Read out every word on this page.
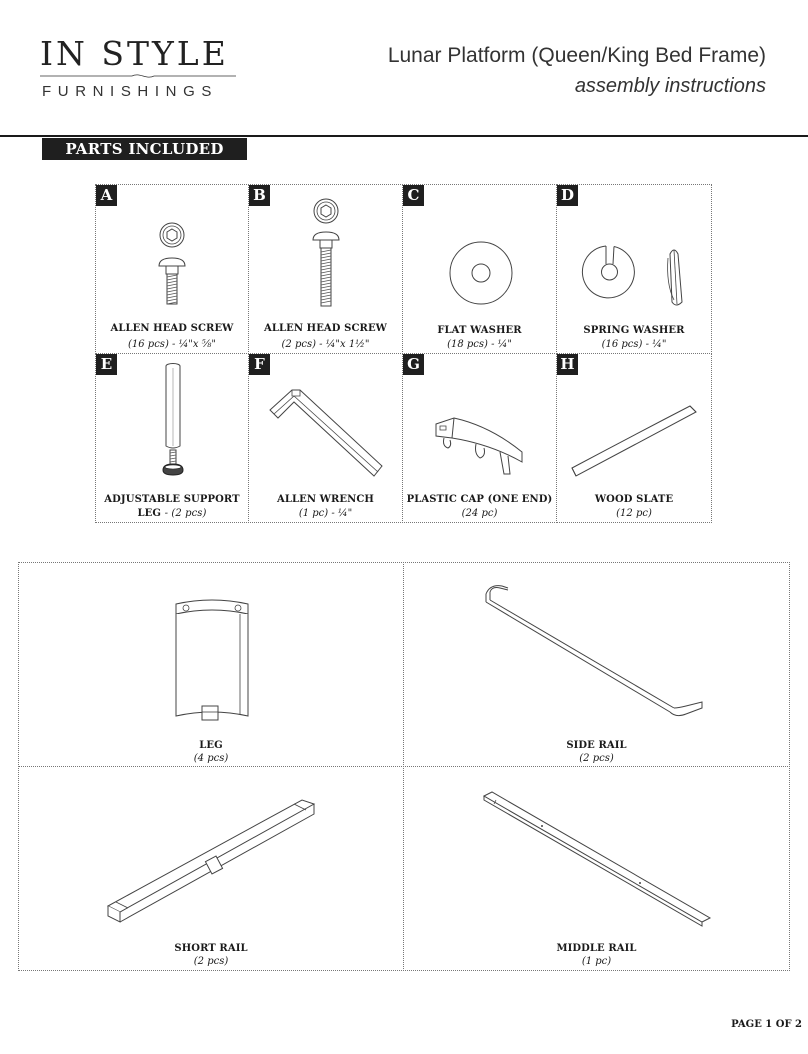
IN STYLE
FURNISHINGS
Lunar Platform (Queen/King Bed Frame)
assembly instructions
PARTS INCLUDED
A	B	C	D
E	F	G	H
ALLEN HEAD SCREW
(16 pcs) - ¼"x ⅝"
ALLEN HEAD SCREW
(2 pcs) - ¼"x 1½"
FLAT WASHER
(18 pcs) - ¼"
SPRING WASHER
(16 pcs) - ¼"
ADJUSTABLE SUPPORT
LEG - (2 pcs)
ALLEN WRENCH
(1 pc) - ¼"
PLASTIC CAP (ONE END)
(24 pc)
WOOD SLATE
(12 pc)
LEG
(4 pcs)
SIDE RAIL
(2 pcs)
SHORT RAIL
(2 pcs)
MIDDLE RAIL
(1 pc)
PAGE 1 OF 2
